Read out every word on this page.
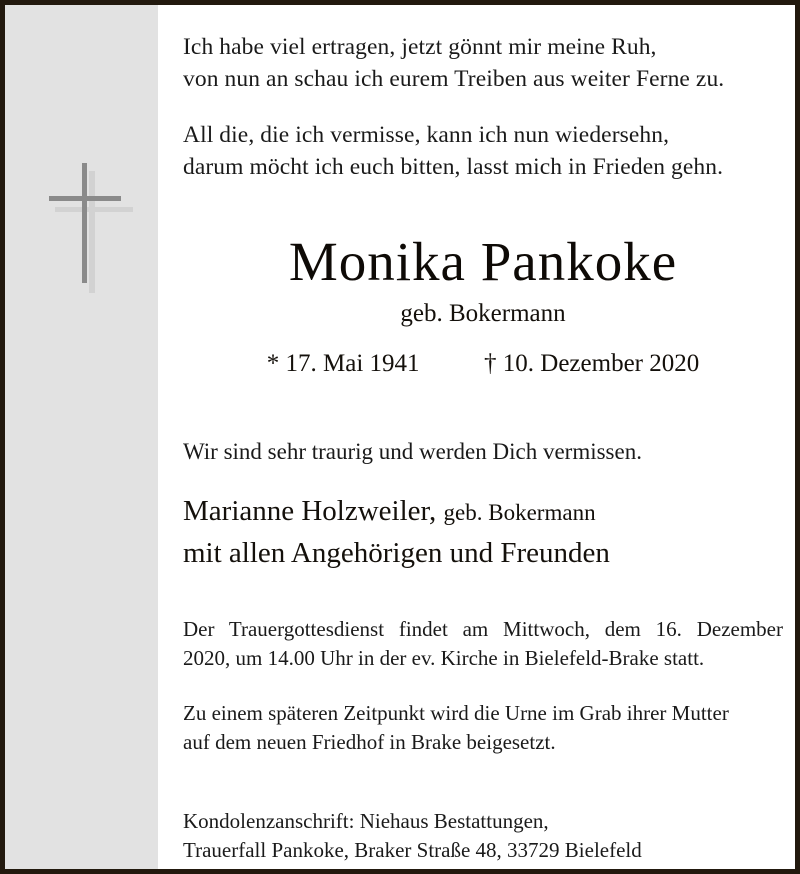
Ich habe viel ertragen, jetzt gönnt mir meine Ruh,
von nun an schau ich eurem Treiben aus weiter Ferne zu.
All die, die ich vermisse, kann ich nun wiedersehn,
darum möcht ich euch bitten, lasst mich in Frieden gehn.
Monika Pankoke
geb. Bokermann
* 17. Mai 1941	† 10. Dezember 2020
Wir sind sehr traurig und werden Dich vermissen.
Marianne Holzweiler, geb. Bokermann
mit allen Angehörigen und Freunden
Der Trauergottesdienst findet am Mittwoch, dem 16. Dezember
2020, um 14.00 Uhr in der ev. Kirche in Bielefeld-Brake statt.
Zu einem späteren Zeitpunkt wird die Urne im Grab ihrer Mutter
auf dem neuen Friedhof in Brake beigesetzt.
Kondolenzanschrift: Niehaus Bestattungen,
Trauerfall Pankoke, Braker Straße 48, 33729 Bielefeld
